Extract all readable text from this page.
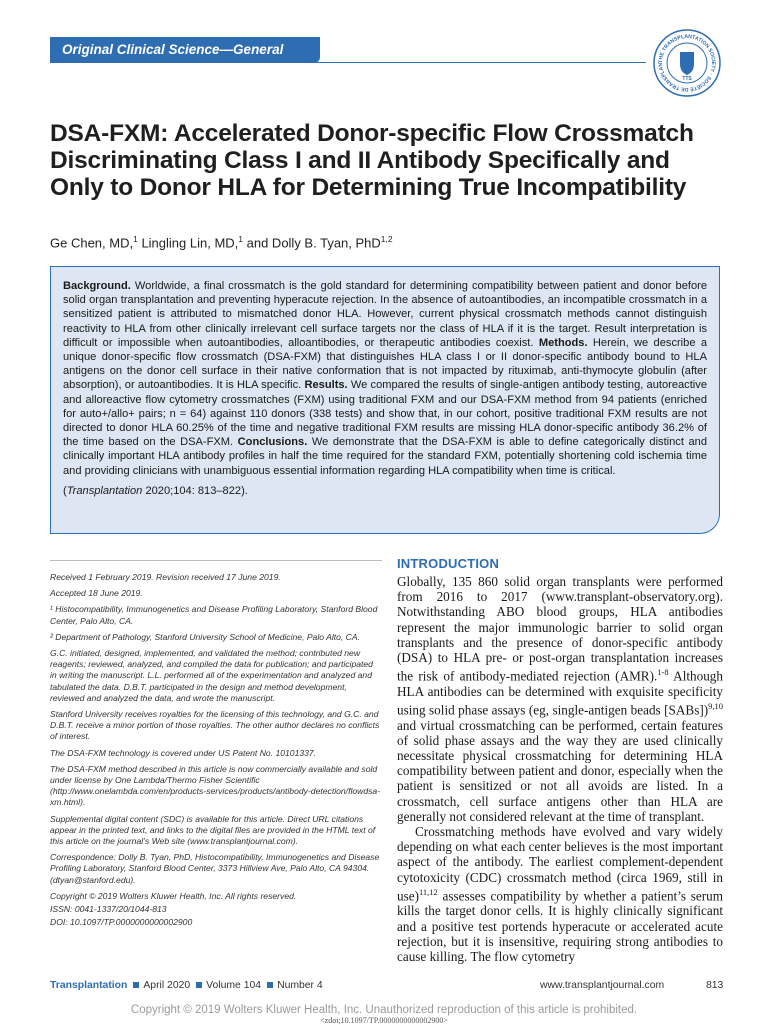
Original Clinical Science—General
THE TRANSPLANTATION SOCIETY · SOCIÉTÉ DE TRANSPLAN
TTS
DSA-FXM: Accelerated Donor-specific Flow Crossmatch Discriminating Class I and II Antibody Specifically and Only to Donor HLA for Determining True Incompatibility
Ge Chen, MD,$^1$ Lingling Lin, MD,$^1$ and Dolly B. Tyan, PhD$^{1,2}$
Background. Worldwide, a final crossmatch is the gold standard for determining compatibility between patient and donor before solid organ transplantation and preventing hyperacute rejection. In the absence of autoantibodies, an incompatible crossmatch in a sensitized patient is attributed to mismatched donor HLA. However, current physical crossmatch methods cannot distinguish reactivity to HLA from other clinically irrelevant cell surface targets nor the class of HLA if it is the target. Result interpretation is difficult or impossible when autoantibodies, alloantibodies, or therapeutic antibodies coexist. Methods. Herein, we describe a unique donor-specific flow crossmatch (DSA-FXM) that distinguishes HLA class I or II donor-specific antibody bound to HLA antigens on the donor cell surface in their native conformation that is not impacted by rituximab, anti-thymocyte globulin (after absorption), or autoantibodies. It is HLA specific. Results. We compared the results of single-antigen antibody testing, autoreactive and alloreactive flow cytometry crossmatches (FXM) using traditional FXM and our DSA-FXM method from 94 patients (enriched for auto+/allo+ pairs; n = 64) against 110 donors (338 tests) and show that, in our cohort, positive traditional FXM results are not directed to donor HLA 60.25% of the time and negative traditional FXM results are missing HLA donor-specific antibody 36.2% of the time based on the DSA-FXM. Conclusions. We demonstrate that the DSA-FXM is able to define categorically distinct and clinically important HLA antibody profiles in half the time required for the standard FXM, potentially shortening cold ischemia time and providing clinicians with unambiguous essential information regarding HLA compatibility when time is critical.
(Transplantation 2020;104: 813–822).

Received 1 February 2019. Revision received 17 June 2019.

Accepted 18 June 2019.

¹ Histocompatibility, Immunogenetics and Disease Profiling Laboratory, Stanford Blood Center, Palo Alto, CA.

² Department of Pathology, Stanford University School of Medicine, Palo Alto, CA.

G.C. initiated, designed, implemented, and validated the method; contributed new reagents; reviewed, analyzed, and compiled the data for publication; and participated in writing the manuscript. L.L. performed all of the experimentation and analyzed and tabulated the data. D.B.T. participated in the design and method development, reviewed and analyzed the data, and wrote the manuscript.

Stanford University receives royalties for the licensing of this technology, and G.C. and D.B.T. receive a minor portion of those royalties. The other author declares no conflicts of interest.

The DSA-FXM technology is covered under US Patent No. 10101337.

The DSA-FXM method described in this article is now commercially available and sold under license by One Lambda/Thermo Fisher Scientific (http://www.onelambda.com/en/products-services/products/antibody-detection/flowdsa-xm.html).

Supplemental digital content (SDC) is available for this article. Direct URL citations appear in the printed text, and links to the digital files are provided in the HTML text of this article on the journal’s Web site (www.transplantjournal.com).

Correspondence: Dolly B. Tyan, PhD, Histocompatibility, Immunogenetics and Disease Profiling Laboratory, Stanford Blood Center, 3373 Hillview Ave, Palo Alto, CA 94304. (dtyan@stanford.edu).

Copyright © 2019 Wolters Kluwer Health, Inc. All rights reserved.

ISSN: 0041-1337/20/1044-813

DOI: 10.1097/TP.0000000000002900

INTRODUCTION

Globally, 135 860 solid organ transplants were performed from 2016 to 2017 (www.transplant-observatory.org). Notwithstanding ABO blood groups, HLA antibodies represent the major immunologic barrier to solid organ transplants and the presence of donor-specific antibody (DSA) to HLA pre- or post-organ transplantation increases the risk of antibody-mediated rejection (AMR).$^{1-8}$ Although HLA antibodies can be determined with exquisite specificity using solid phase assays (eg, single-antigen beads [SABs])$^{9,10}$ and virtual crossmatching can be performed, certain features of solid phase assays and the way they are used clinically necessitate physical crossmatching for determining HLA compatibility between patient and donor, especially when the patient is sensitized or not all avoids are listed. In a crossmatch, cell surface antigens other than HLA are generally not considered relevant at the time of transplant.

Crossmatching methods have evolved and vary widely depending on what each center believes is the most important aspect of the antibody. The earliest complement-dependent cytotoxicity (CDC) crossmatch method (circa 1969, still in use)$^{11,12}$ assesses compatibility by whether a patient’s serum kills the target donor cells. It is highly clinically significant and a positive test portends hyperacute or accelerated acute rejection, but it is insensitive, requiring strong antibodies to cause killing. The flow cytometry

Transplantation April 2020 Volume 104 Number 4	www.transplantjournal.com	813
Copyright © 2019 Wolters Kluwer Health, Inc. Unauthorized reproduction of this article is prohibited.
<zdoi;10.1097/TP.0000000000002900>
